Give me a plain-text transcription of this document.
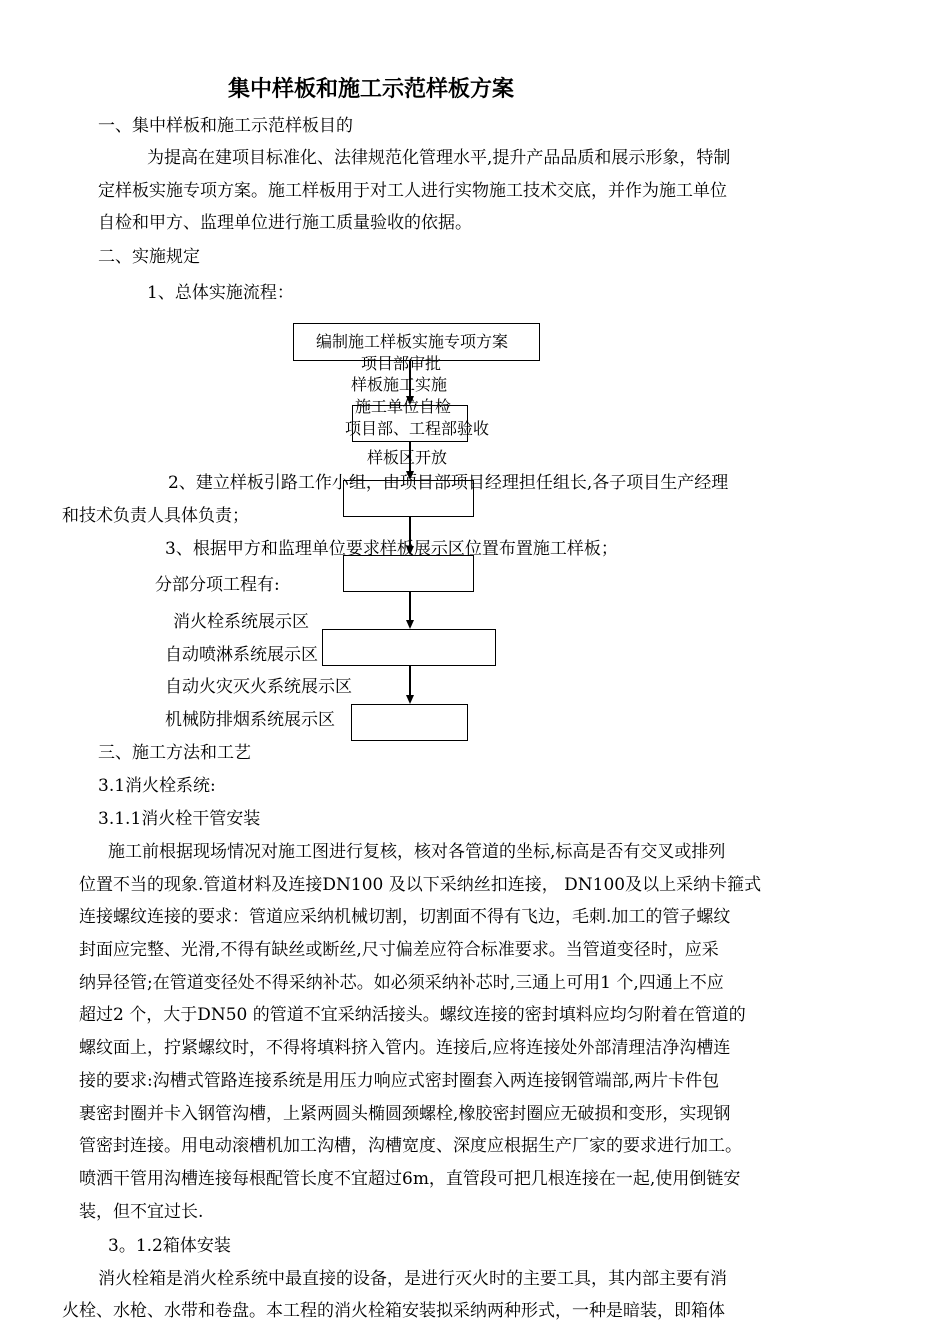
集中样板和施工示范样板方案
一、集中样板和施工示范样板目的
为提高在建项目标准化、法律规范化管理水平,提升产品品质和展示形象，特制
定样板实施专项方案。施工样板用于对工人进行实物施工技术交底，并作为施工单位
自检和甲方、监理单位进行施工质量验收的依据。
二、实施规定
1、总体实施流程：
编制施工样板实施专项方案
项目部审批
样板施工实施
施工单位自检
项目部、工程部验收
样板区开放
2、建立样板引路工作小组，由项目部项目经理担任组长,各子项目生产经理
和技术负责人具体负责；
3、根据甲方和监理单位要求样板展示区位置布置施工样板；
分部分项工程有:
消火栓系统展示区
自动喷淋系统展示区
自动火灾灭火系统展示区
机械防排烟系统展示区
三、施工方法和工艺
3.1消火栓系统:
3.1.1消火栓干管安装
施工前根据现场情况对施工图进行复核，核对各管道的坐标,标高是否有交叉或排列
位置不当的现象.管道材料及连接DN100 及以下采纳丝扣连接， DN100及以上采纳卡箍式
连接螺纹连接的要求：管道应采纳机械切割，切割面不得有飞边，毛刺.加工的管子螺纹
封面应完整、光滑,不得有缺丝或断丝,尺寸偏差应符合标准要求。当管道变径时，应采
纳异径管;在管道变径处不得采纳补芯。如必须采纳补芯时,三通上可用1 个,四通上不应
超过2 个，大于DN50 的管道不宜采纳活接头。螺纹连接的密封填料应均匀附着在管道的
螺纹面上，拧紧螺纹时，不得将填料挤入管内。连接后,应将连接处外部清理洁净沟槽连
接的要求:沟槽式管路连接系统是用压力响应式密封圈套入两连接钢管端部,两片卡件包
裹密封圈并卡入钢管沟槽，上紧两圆头椭圆颈螺栓,橡胶密封圈应无破损和变形，实现钢
管密封连接。用电动滚槽机加工沟槽，沟槽宽度、深度应根据生产厂家的要求进行加工。
喷洒干管用沟槽连接每根配管长度不宜超过6m，直管段可把几根连接在一起,使用倒链安
装，但不宜过长.
3。1.2箱体安装
消火栓箱是消火栓系统中最直接的设备，是进行灭火时的主要工具，其内部主要有消
火栓、水枪、水带和卷盘。本工程的消火栓箱安装拟采纳两种形式，一种是暗装，即箱体
